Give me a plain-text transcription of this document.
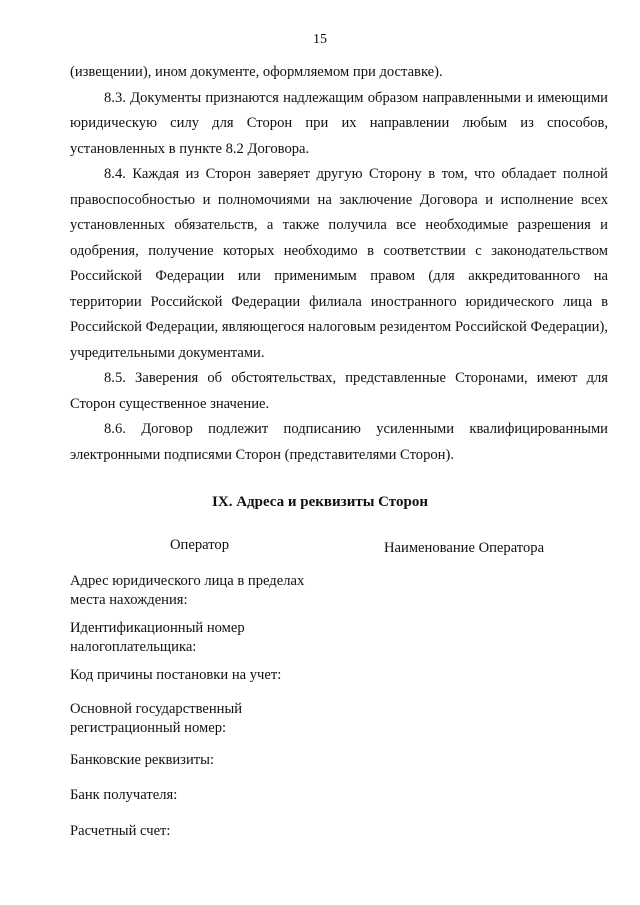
15

(извещении), ином документе, оформляемом при доставке).

8.3. Документы признаются надлежащим образом направленными и имеющими юридическую силу для Сторон при их направлении любым из способов, установленных в пункте 8.2 Договора.

8.4. Каждая из Сторон заверяет другую Сторону в том, что обладает полной правоспособностью и полномочиями на заключение Договора и исполнение всех установленных обязательств, а также получила все необходимые разрешения и одобрения, получение которых необходимо в соответствии с законодательством Российской Федерации или применимым правом (для аккредитованного на территории Российской Федерации филиала иностранного юридического лица в Российской Федерации, являющегося налоговым резидентом Российской Федерации), учредительными документами.

8.5. Заверения об обстоятельствах, представленные Сторонами, имеют для Сторон существенное значение.

8.6. Договор подлежит подписанию усиленными квалифицированными электронными подписями Сторон (представителями Сторон).

IX. Адреса и реквизиты Сторон
Оператор	Наименование Оператора
Адрес юридического лица в пределах места нахождения:
Идентификационный номер налогоплательщика:
Код причины постановки на учет:
Основной государственный регистрационный номер:
Банковские реквизиты:
Банк получателя:
Расчетный счет:
